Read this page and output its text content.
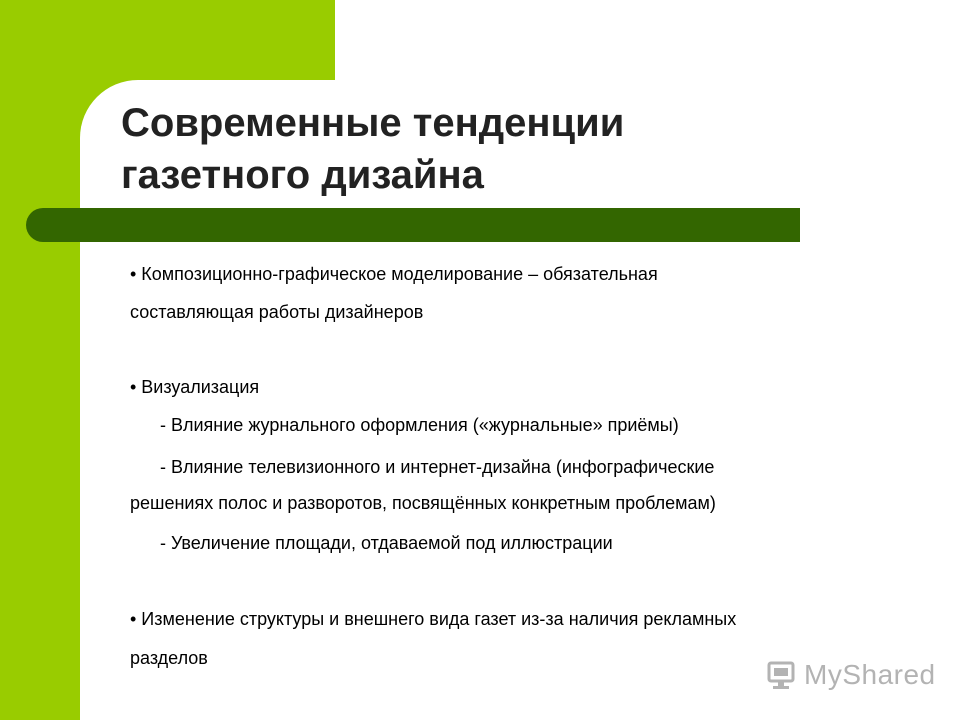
Современные тенденции
газетного дизайна
• Композиционно-графическое моделирование – обязательная
составляющая работы дизайнеров
• Визуализация
- Влияние журнального оформления («журнальные» приёмы)
- Влияние телевизионного и интернет-дизайна (инфографические
решениях полос и разворотов, посвящённых конкретным проблемам)
- Увеличение площади, отдаваемой под иллюстрации
• Изменение структуры и внешнего вида газет из-за наличия рекламных
разделов
MyShared
